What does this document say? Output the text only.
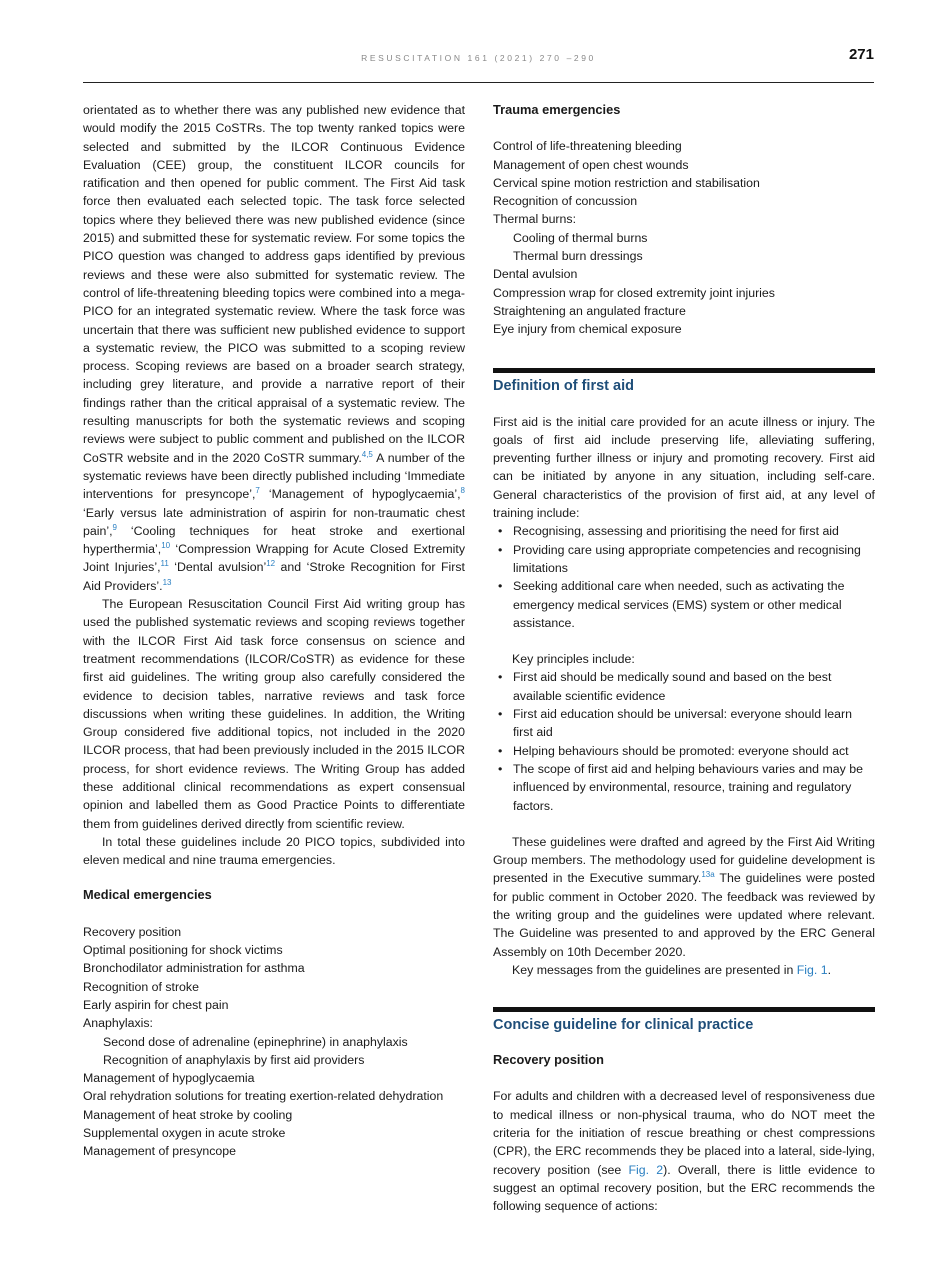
RESUSCITATION 161 (2021) 270 –290	271

orientated as to whether there was any published new evidence that would modify the 2015 CoSTRs. The top twenty ranked topics were selected and submitted by the ILCOR Continuous Evidence Evaluation (CEE) group, the constituent ILCOR councils for ratification and then opened for public comment. The First Aid task force then evaluated each selected topic. The task force selected topics where they believed there was new published evidence (since 2015) and submitted these for systematic review. For some topics the PICO question was changed to address gaps identified by previous reviews and these were also submitted for systematic review. The control of life-threatening bleeding topics were combined into a mega-PICO for an integrated systematic review. Where the task force was uncertain that there was sufficient new published evidence to support a systematic review, the PICO was submitted to a scoping review process. Scoping reviews are based on a broader search strategy, including grey literature, and provide a narrative report of their findings rather than the critical appraisal of a systematic review. The resulting manuscripts for both the systematic reviews and scoping reviews were subject to public comment and published on the ILCOR CoSTR website and in the 2020 CoSTR summary.$^{4,5}$ A number of the systematic reviews have been directly published including ‘Immediate interventions for presyncope’,$^7$ ‘Management of hypoglycaemia’,$^8$ ‘Early versus late administration of aspirin for non-traumatic chest pain’,$^9$ ‘Cooling techniques for heat stroke and exertional hyperthermia’,$^{10}$ ‘Compression Wrapping for Acute Closed Extremity Joint Injuries’,$^{11}$ ‘Dental avulsion’$^{12}$ and ‘Stroke Recognition for First Aid Providers’.$^{13}$

The European Resuscitation Council First Aid writing group has used the published systematic reviews and scoping reviews together with the ILCOR First Aid task force consensus on science and treatment recommendations (ILCOR/CoSTR) as evidence for these first aid guidelines. The writing group also carefully considered the evidence to decision tables, narrative reviews and task force discussions when writing these guidelines. In addition, the Writing Group considered five additional topics, not included in the 2020 ILCOR process, that had been previously included in the 2015 ILCOR process, for short evidence reviews. The Writing Group has added these additional clinical recommendations as expert consensual opinion and labelled them as Good Practice Points to differentiate them from guidelines derived directly from scientific review.

In total these guidelines include 20 PICO topics, subdivided into eleven medical and nine trauma emergencies.

Medical emergencies

Recovery position
Optimal positioning for shock victims
Bronchodilator administration for asthma
Recognition of stroke
Early aspirin for chest pain
Anaphylaxis:
Second dose of adrenaline (epinephrine) in anaphylaxis
Recognition of anaphylaxis by first aid providers
Management of hypoglycaemia
Oral rehydration solutions for treating exertion-related dehydration
Management of heat stroke by cooling
Supplemental oxygen in acute stroke
Management of presyncope

Trauma emergencies

Control of life-threatening bleeding
Management of open chest wounds
Cervical spine motion restriction and stabilisation
Recognition of concussion
Thermal burns:
Cooling of thermal burns
Thermal burn dressings
Dental avulsion
Compression wrap for closed extremity joint injuries
Straightening an angulated fracture
Eye injury from chemical exposure
Definition of first aid

First aid is the initial care provided for an acute illness or injury. The goals of first aid include preserving life, alleviating suffering, preventing further illness or injury and promoting recovery. First aid can be initiated by anyone in any situation, including self-care. General characteristics of the provision of first aid, at any level of training include:

• Recognising, assessing and prioritising the need for first aid
• Providing care using appropriate competencies and recognising limitations
• Seeking additional care when needed, such as activating the emergency medical services (EMS) system or other medical assistance.

Key principles include:

• First aid should be medically sound and based on the best available scientific evidence
• First aid education should be universal: everyone should learn first aid
• Helping behaviours should be promoted: everyone should act
• The scope of first aid and helping behaviours varies and may be influenced by environmental, resource, training and regulatory factors.

These guidelines were drafted and agreed by the First Aid Writing Group members. The methodology used for guideline development is presented in the Executive summary.$^{13a}$ The guidelines were posted for public comment in October 2020. The feedback was reviewed by the writing group and the guidelines were updated where relevant. The Guideline was presented to and approved by the ERC General Assembly on 10th December 2020.

Key messages from the guidelines are presented in Fig. 1.

Concise guideline for clinical practice

Recovery position

For adults and children with a decreased level of responsiveness due to medical illness or non-physical trauma, who do NOT meet the criteria for the initiation of rescue breathing or chest compressions (CPR), the ERC recommends they be placed into a lateral, side-lying, recovery position (see Fig. 2). Overall, there is little evidence to suggest an optimal recovery position, but the ERC recommends the following sequence of actions:
